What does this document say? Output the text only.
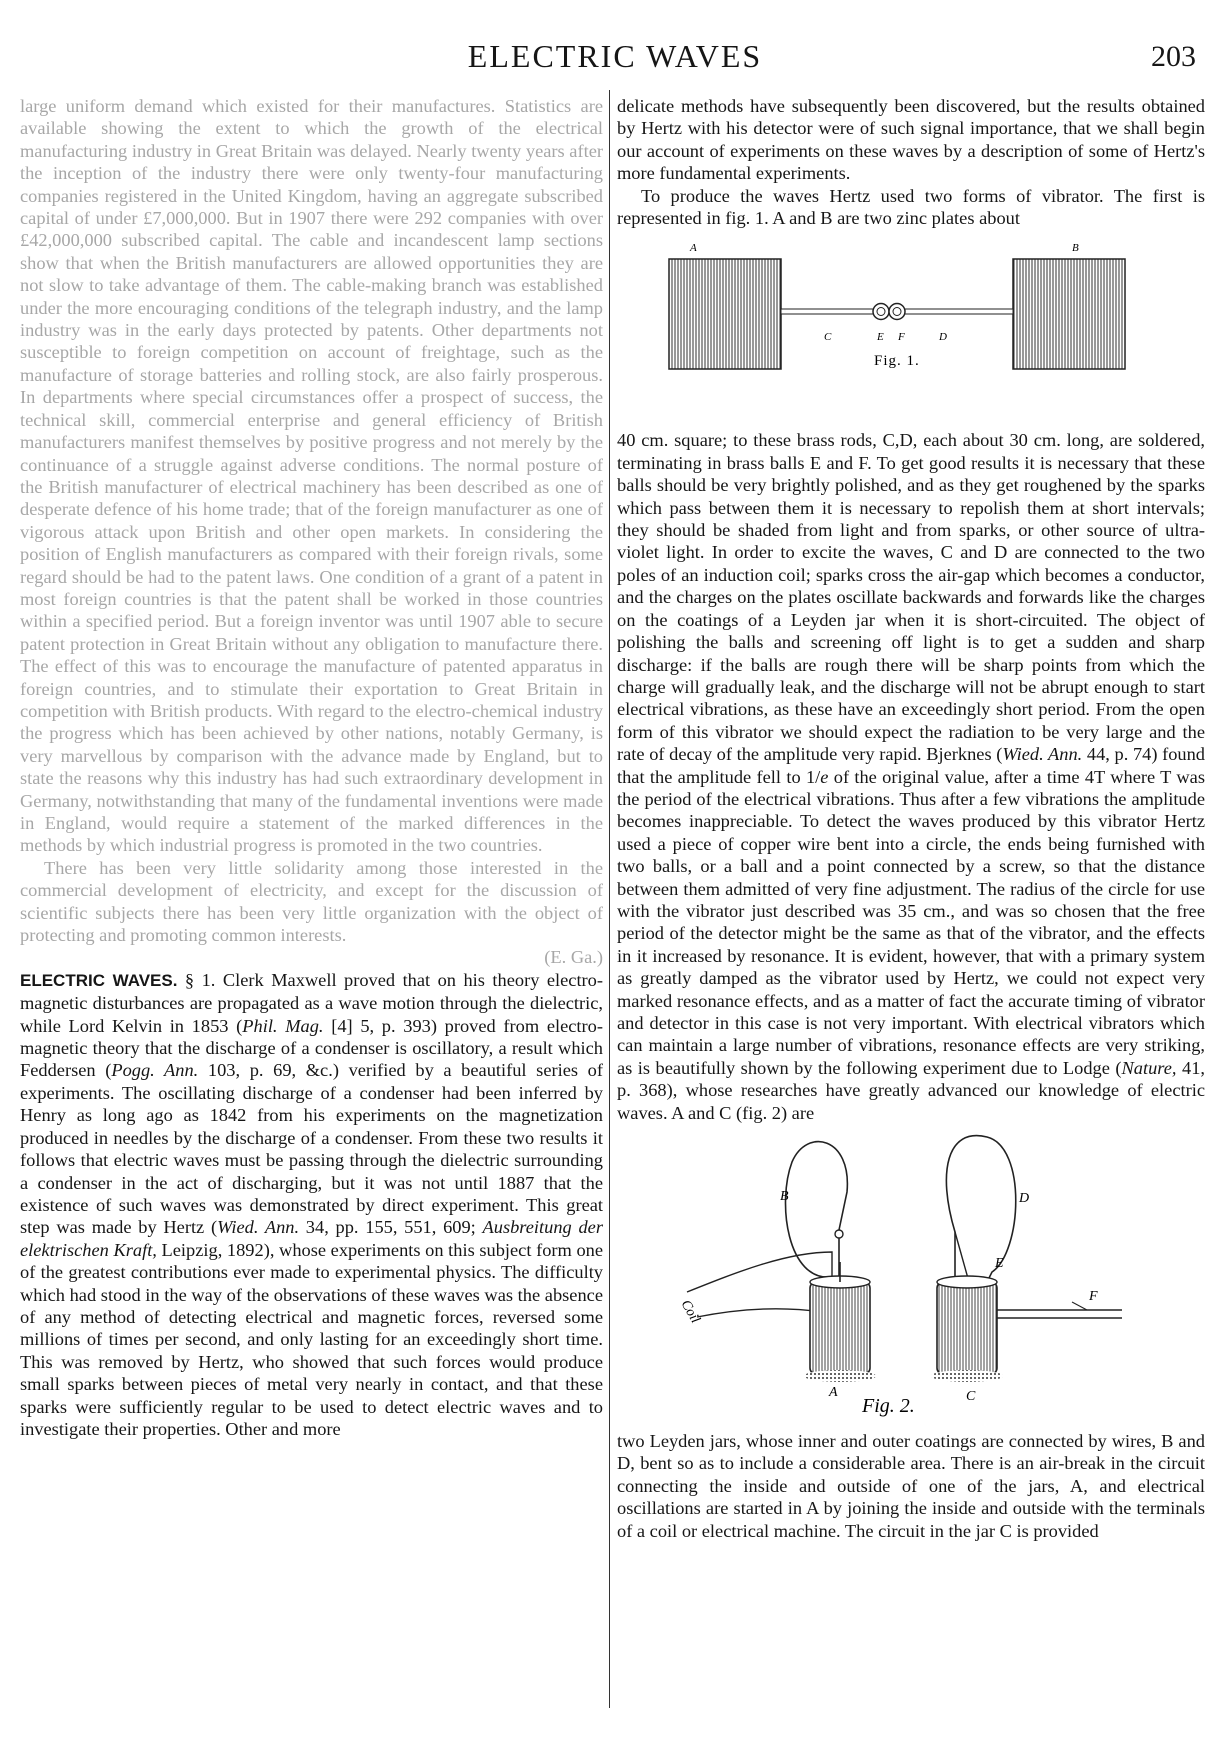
ELECTRIC WAVES	203

large uniform demand which existed for their manufactures. Statistics are available showing the extent to which the growth of the electrical manufacturing industry in Great Britain was delayed. Nearly twenty years after the inception of the industry there were only twenty-four manufacturing companies registered in the United Kingdom, having an aggregate subscribed capital of under £7,000,000. But in 1907 there were 292 companies with over £42,000,000 subscribed capital. The cable and incandescent lamp sections show that when the British manufacturers are allowed opportunities they are not slow to take advantage of them. The cable-making branch was established under the more encouraging conditions of the telegraph industry, and the lamp industry was in the early days protected by patents. Other departments not susceptible to foreign competition on account of freightage, such as the manufacture of storage batteries and rolling stock, are also fairly prosperous. In departments where special circumstances offer a prospect of success, the technical skill, commercial enterprise and general efficiency of British manufacturers manifest themselves by positive progress and not merely by the continuance of a struggle against adverse conditions. The normal posture of the British manufacturer of electrical machinery has been described as one of desperate defence of his home trade; that of the foreign manufacturer as one of vigorous attack upon British and other open markets. In considering the position of English manufacturers as compared with their foreign rivals, some regard should be had to the patent laws. One condition of a grant of a patent in most foreign countries is that the patent shall be worked in those countries within a specified period. But a foreign inventor was until 1907 able to secure patent protection in Great Britain without any obligation to manufacture there. The effect of this was to encourage the manufacture of patented apparatus in foreign countries, and to stimulate their exportation to Great Britain in competition with British products. With regard to the electro-chemical industry the progress which has been achieved by other nations, notably Germany, is very marvellous by comparison with the advance made by England, but to state the reasons why this industry has had such extraordinary development in Germany, notwithstanding that many of the fundamental inventions were made in England, would require a statement of the marked differences in the methods by which industrial progress is promoted in the two countries.

There has been very little solidarity among those interested in the commercial development of electricity, and except for the discussion of scientific subjects there has been very little organization with the object of protecting and promoting common interests.

(E. Ga.)

ELECTRIC WAVES. § 1. Clerk Maxwell proved that on his theory electro-magnetic disturbances are propagated as a wave motion through the dielectric, while Lord Kelvin in 1853 (Phil. Mag. [4] 5, p. 393) proved from electro-magnetic theory that the discharge of a condenser is oscillatory, a result which Feddersen (Pogg. Ann. 103, p. 69, &c.) verified by a beautiful series of experiments. The oscillating discharge of a condenser had been inferred by Henry as long ago as 1842 from his experiments on the magnetization produced in needles by the discharge of a condenser. From these two results it follows that electric waves must be passing through the dielectric surrounding a condenser in the act of discharging, but it was not until 1887 that the existence of such waves was demonstrated by direct experiment. This great step was made by Hertz (Wied. Ann. 34, pp. 155, 551, 609; Ausbreitung der elektrischen Kraft, Leipzig, 1892), whose experiments on this subject form one of the greatest contributions ever made to experimental physics. The difficulty which had stood in the way of the observations of these waves was the absence of any method of detecting electrical and magnetic forces, reversed some millions of times per second, and only lasting for an exceedingly short time. This was removed by Hertz, who showed that such forces would produce small sparks between pieces of metal very nearly in contact, and that these sparks were sufficiently regular to be used to detect electric waves and to investigate their properties. Other and more

delicate methods have subsequently been discovered, but the results obtained by Hertz with his detector were of such signal importance, that we shall begin our account of experiments on these waves by a description of some of Hertz's more fundamental experiments.

To produce the waves Hertz used two forms of vibrator. The first is represented in fig. 1. A and B are two zinc plates about

A	B
C	E F	D
Fig. 1.

40 cm. square; to these brass rods, C,D, each about 30 cm. long, are soldered, terminating in brass balls E and F. To get good results it is necessary that these balls should be very brightly polished, and as they get roughened by the sparks which pass between them it is necessary to repolish them at short intervals; they should be shaded from light and from sparks, or other source of ultra-violet light. In order to excite the waves, C and D are connected to the two poles of an induction coil; sparks cross the air-gap which becomes a conductor, and the charges on the plates oscillate backwards and forwards like the charges on the coatings of a Leyden jar when it is short-circuited. The object of polishing the balls and screening off light is to get a sudden and sharp discharge: if the balls are rough there will be sharp points from which the charge will gradually leak, and the discharge will not be abrupt enough to start electrical vibrations, as these have an exceedingly short period. From the open form of this vibrator we should expect the radiation to be very large and the rate of decay of the amplitude very rapid. Bjerknes (Wied. Ann. 44, p. 74) found that the amplitude fell to 1/e of the original value, after a time 4T where T was the period of the electrical vibrations. Thus after a few vibrations the amplitude becomes inappreciable. To detect the waves produced by this vibrator Hertz used a piece of copper wire bent into a circle, the ends being furnished with two balls, or a ball and a point connected by a screw, so that the distance between them admitted of very fine adjustment. The radius of the circle for use with the vibrator just described was 35 cm., and was so chosen that the free period of the detector might be the same as that of the vibrator, and the effects in it increased by resonance. It is evident, however, that with a primary system as greatly damped as the vibrator used by Hertz, we could not expect very marked resonance effects, and as a matter of fact the accurate timing of vibrator and detector in this case is not very important. With electrical vibrators which can maintain a large number of vibrations, resonance effects are very striking, as is beautifully shown by the following experiment due to Lodge (Nature, 41, p. 368), whose researches have greatly advanced our knowledge of electric waves. A and C (fig. 2) are

Coil
B	D
E
F
A	C
Fig. 2.

two Leyden jars, whose inner and outer coatings are connected by wires, B and D, bent so as to include a considerable area. There is an air-break in the circuit connecting the inside and outside of one of the jars, A, and electrical oscillations are started in A by joining the inside and outside with the terminals of a coil or electrical machine. The circuit in the jar C is provided
